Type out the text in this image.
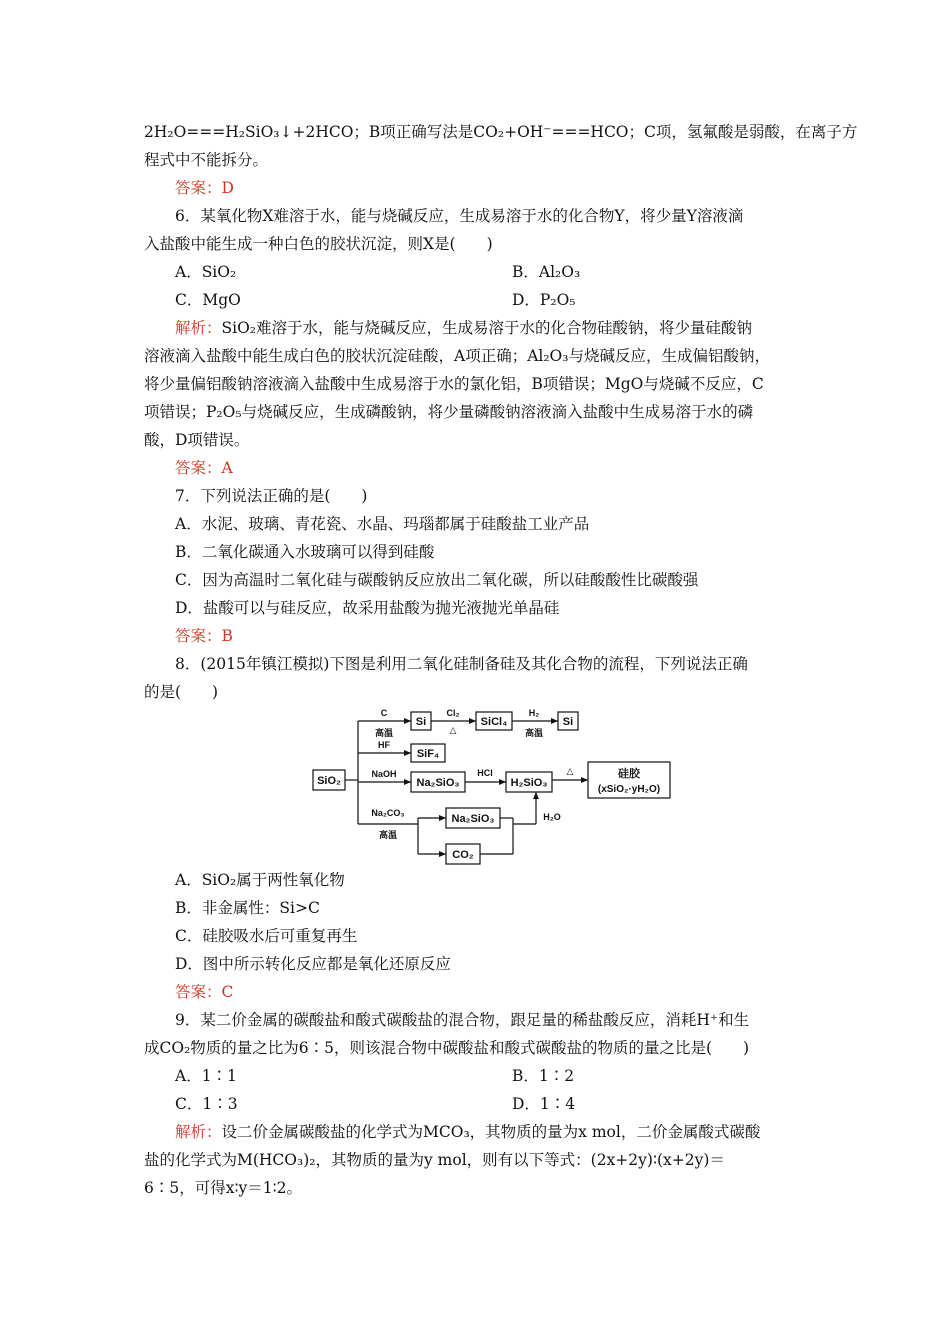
2H₂O===H₂SiO₃↓+2HCO；B项正确写法是CO₂+OH⁻===HCO；C项，氢氟酸是弱酸，在离子方
程式中不能拆分。
答案：D
6．某氧化物X难溶于水，能与烧碱反应，生成易溶于水的化合物Y，将少量Y溶液滴
入盐酸中能生成一种白色的胶状沉淀，则X是(　　)
A．SiO₂	B．Al₂O₃
C．MgO	D．P₂O₅
解析：SiO₂难溶于水，能与烧碱反应，生成易溶于水的化合物硅酸钠，将少量硅酸钠
溶液滴入盐酸中能生成白色的胶状沉淀硅酸，A项正确；Al₂O₃与烧碱反应，生成偏铝酸钠，
将少量偏铝酸钠溶液滴入盐酸中生成易溶于水的氯化铝，B项错误；MgO与烧碱不反应，C
项错误；P₂O₅与烧碱反应，生成磷酸钠，将少量磷酸钠溶液滴入盐酸中生成易溶于水的磷
酸，D项错误。
答案：A
7．下列说法正确的是(　　)
A．水泥、玻璃、青花瓷、水晶、玛瑙都属于硅酸盐工业产品
B．二氧化碳通入水玻璃可以得到硅酸
C．因为高温时二氧化硅与碳酸钠反应放出二氧化碳，所以硅酸酸性比碳酸强
D．盐酸可以与硅反应，故采用盐酸为抛光液抛光单晶硅
答案：B
8．(2015年镇江模拟)下图是利用二氧化硅制备硅及其化合物的流程，下列说法正确
的是(　　)
SiO₂
Si	SiCl₄	Si
SiF₄
Na₂SiO₃	H₂SiO₃
硅胶
(xSiO₂·yH₂O)
Na₂SiO₃
CO₂
C
高温
Cl₂
△
H₂
高温
HF
NaOH	HCl	△
Na₂CO₃
高温
H₂O
A．SiO₂属于两性氧化物
B．非金属性：Si>C
C．硅胶吸水后可重复再生
D．图中所示转化反应都是氧化还原反应
答案：C
9．某二价金属的碳酸盐和酸式碳酸盐的混合物，跟足量的稀盐酸反应，消耗H⁺和生
成CO₂物质的量之比为6∶5，则该混合物中碳酸盐和酸式碳酸盐的物质的量之比是(　　)
A．1∶1	B．1∶2
C．1∶3	D．1∶4
解析：设二价金属碳酸盐的化学式为MCO₃，其物质的量为x mol，二价金属酸式碳酸
盐的化学式为M(HCO₃)₂，其物质的量为y mol，则有以下等式：(2x+2y)∶(x+2y)＝
6∶5，可得x∶y＝1∶2。
